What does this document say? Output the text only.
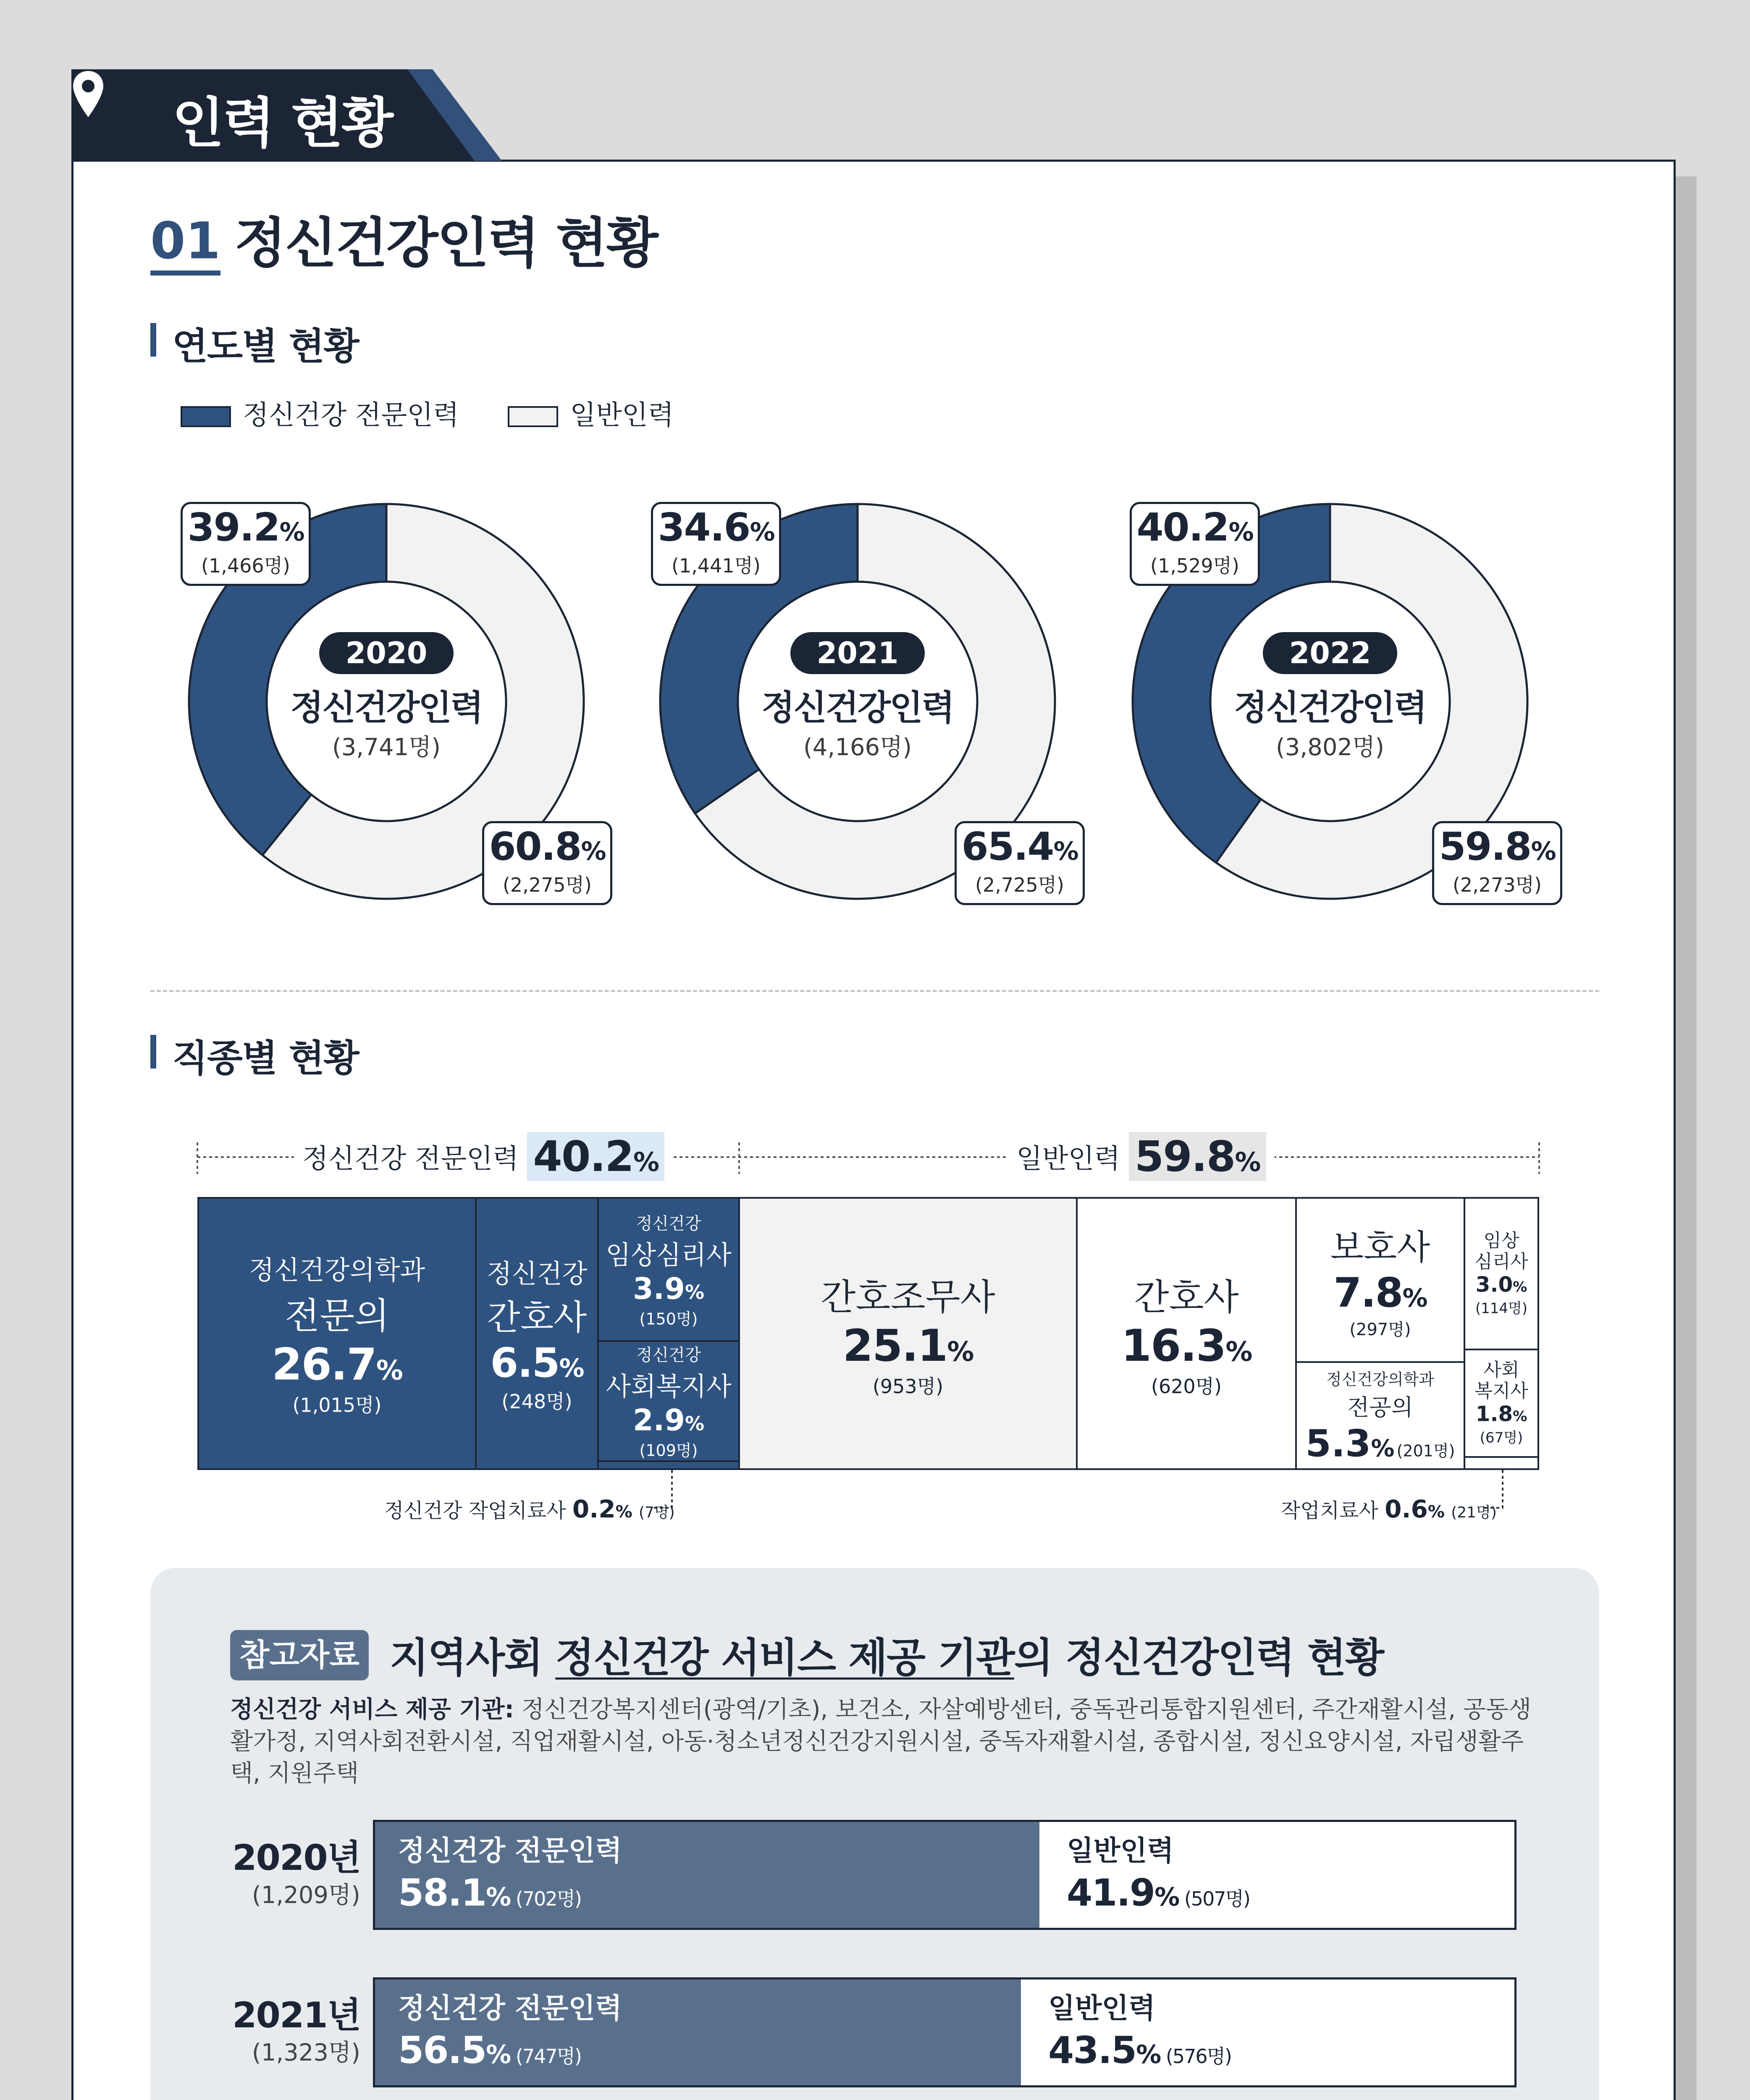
인력 현황
01 정신건강인력 현황
연도별 현황
정신건강 전문인력	일반인력
2020
정신건강인력
(3,741명)
39.2%
(1,466명)
60.8%
(2,275명)
2021
정신건강인력
(4,166명)
34.6%
(1,441명)
65.4%
(2,725명)
2022
정신건강인력
(3,802명)
40.2%
(1,529명)
59.8%
(2,273명)
직종별 현황
정신건강 전문인력 40.2%	일반인력 59.8%
정신건강의학과
전문의
26.7%
(1,015명)
정신건강
간호사
6.5%
(248명)
정신건강
임상심리사
3.9%
(150명)
정신건강
사회복지사
2.9%
(109명)
간호조무사
25.1%
(953명)
간호사
16.3%
(620명)
보호사
7.8%
(297명)
정신건강의학과
전공의
5.3% (201명)
임상
심리사
3.0%
(114명)
사회
복지사
1.8%
(67명)
정신건강 작업치료사 0.2% (7명)	작업치료사 0.6% (21명)
참고자료 지역사회 정신건강 서비스 제공 기관의 정신건강인력 현황
정신건강 서비스 제공 기관: 정신건강복지센터(광역/기초), 보건소, 자살예방센터, 중독관리통합지원센터, 주간재활시설, 공동생활가정, 지역사회전환시설, 직업재활시설, 아동·청소년정신건강지원시설, 중독자재활시설, 종합시설, 정신요양시설, 자립생활주택, 지원주택
2020년
(1,209명)
정신건강 전문인력
58.1% (702명)
일반인력
41.9% (507명)
2021년
(1,323명)
정신건강 전문인력
56.5% (747명)
일반인력
43.5% (576명)
